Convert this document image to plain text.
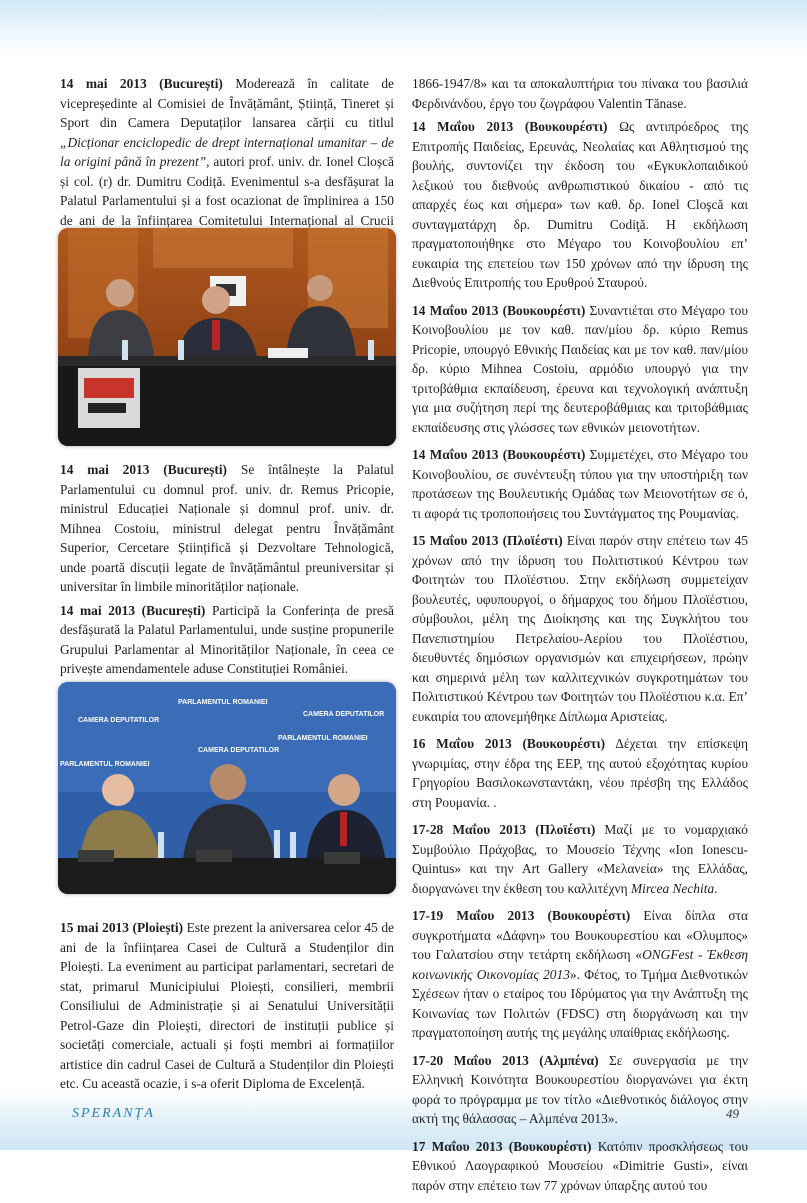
14 mai 2013 (București) Moderează în calitate de vicepreședinte al Comisiei de Învățământ, Știință, Tineret și Sport din Camera Deputaților lansarea cărții cu titlul „Dicționar enciclopedic de drept internațional umanitar – de la origini până în prezent”, autori prof. univ. dr. Ionel Cloșcă și col. (r) dr. Dumitru Codiță. Evenimentul s-a desfășurat la Palatul Parlamentului și a fost ocazionat de împlinirea a 150 de ani de la înființarea Comitetului Internațional al Crucii

14 mai 2013 (București) Se întâlnește la Palatul Parlamentului cu domnul prof. univ. dr. Remus Pricopie, ministrul Educației Naționale și domnul prof. univ. dr. Mihnea Costoiu, ministrul delegat pentru Învățământ Superior, Cercetare Științifică și Dezvoltare Tehnologică, unde poartă discuții legate de învățământul preuniversitar și universitar în limbile minorităților naționale.

14 mai 2013 (București) Participă la Conferința de presă desfășurată la Palatul Parlamentului, unde susține propunerile Grupului Parlamentar al Minorităților Naționale, în ceea ce privește amendamentele aduse Constituției României.

CAMERA DEPUTATILOR
PARLAMENTUL ROMANIEI
CAMERA DEPUTATILOR
PARLAMENTUL ROMANIEI
PARLAMENTUL ROMANIEI
CAMERA DEPUTATILOR

15 mai 2013 (Ploiești) Este prezent la aniversarea celor 45 de ani de la înființarea Casei de Cultură a Studenților din Ploiești. La eveniment au participat parlamentari, secretari de stat, primarul Municipiului Ploiești, consilieri, membrii Consiliului de Administrație și ai Senatului Universității Petrol-Gaze din Ploiești, directori de instituții publice și societăți comerciale, actuali și foști membri ai formațiilor artistice din cadrul Casei de Cultură a Studenților din Ploiești etc. Cu această ocazie, i s-a oferit Diploma de Excelență.

1866-1947/8» και τα αποκαλυπτήρια του πίνακα του βασιλιά Φερδινάνδου, έργο του ζωγράφου Valentin Tănase.

14 Μαΐου 2013 (Βουκουρέστι) Ως αντιπρόεδρος της Επιτροπής Παιδείας, Ερευνάς, Νεολαίας και Αθλητισμού της βουλής, συντονίζει την έκδοση του «Εγκυκλοπαιδικού λεξικού του διεθνούς ανθρωπιστικού δικαίου - από τις απαρχές έως και σήμερα» των καθ. δρ. Ionel Cloşcă και συνταγματάρχη δρ. Dumitru Codiţă. Η εκδήλωση πραγματοποιήθηκε στο Μέγαρο του Κοινοβουλίου επ’ ευκαιρία της επετείου των 150 χρόνων από την ίδρυση της Διεθνούς Επιτροπής του Ερυθρού Σταυρού.

14 Μαΐου 2013 (Βουκουρέστι) Συναντιέται στο Μέγαρο του Κοινοβουλίου με τον καθ. παν/μίου δρ. κύριο Remus Pricopie, υπουργό Εθνικής Παιδείας και με τον καθ. παν/μίου δρ. κύριο Mihnea Costoiu, αρμόδιο υπουργό για την τριτοβάθμια εκπαίδευση, έρευνα και τεχνολογική ανάπτυξη για μια συζήτηση περί της δευτεροβάθμιας και τριτοβάθμιας εκπαίδευσης στις γλώσσες των εθνικών μειονοτήτων.

14 Μαΐου 2013 (Βουκουρέστι) Συμμετέχει, στο Μέγαρο του Κοινοβουλίου, σε συνέντευξη τύπου για την υποστήριξη των προτάσεων της Βουλευτικής Ομάδας των Μειονοτήτων σε ό, τι αφορά τις τροποποιήσεις του Συντάγματος της Ρουμανίας.

15 Μαΐου 2013 (Πλοϊέστι) Είναι παρόν στην επέτειο των 45 χρόνων από την ίδρυση του Πολιτιστικού Κέντρου των Φοιτητών του Πλοϊέστιου. Στην εκδήλωση συμμετείχαν βουλευτές, υφυπουργοί, ο δήμαρχος του δήμου Πλοϊέστιου, σύμβουλοι, μέλη της Διοίκησης και της Συγκλήτου του Πανεπιστημίου Πετρελαίου-Αερίου του Πλοϊέστιου, διευθυντές δημόσιων οργανισμών και επιχειρήσεων, πρώην και σημερινά μέλη των καλλιτεχνικών συγκροτημάτων του Πολιτιστικού Κέντρου των Φοιτητών του Πλοϊέστιου κ.α. Επ’ ευκαιρία του απονεμήθηκε Δίπλωμα Αριστείας.

16 Μαΐου 2013 (Βουκουρέστι) Δέχεται την επίσκεψη γνωριμίας, στην έδρα της ΕΕΡ, της αυτού εξοχότητας κυρίου Γρηγορίου Βασιλοκωνσταντάκη, νέου πρέσβη της Ελλάδος στη Ρουμανία. .

17-28 Μαΐου 2013 (Πλοϊέστι) Μαζί με το νομαρχιακό Συμβούλιο Πράχοβας, το Μουσείο Τέχνης «Ion Ionescu-Quintus» και την Art Gallery «Μελανεία» της Ελλάδας, διοργανώνει την έκθεση του καλλιτέχνη Mircea Nechita.

17-19 Μαΐου 2013 (Βουκουρέστι) Είναι δίπλα στα συγκροτήματα «Δάφνη» του Βουκουρεστίου και «Ολυμπος» του Γαλατσίου στην τετάρτη εκδήλωση «ONGFest - Έκθεση κοινωνικής Οικονομίας 2013». Φέτος, το Τμήμα Διεθνοτικών Σχέσεων ήταν ο εταίρος του Ιδρύματος για την Ανάπτυξη της Κοινωνίας των Πολιτών (FDSC) στη διοργάνωση και την πραγματοποίηση αυτής της μεγάλης υπαίθριας εκδήλωσης.

17-20 Μαΐου 2013 (Αλμπένα) Σε συνεργασία με την Ελληνική Κοινότητα Βουκουρεστίου διοργανώνει για έκτη φορά το πρόγραμμα με τον τίτλο «Διεθνοτικός διάλογος στην ακτή της θάλασσας – Αλμπένα 2013».

17 Μαΐου 2013 (Βουκουρέστι) Κατόπιν προσκλήσεως του Εθνικού Λαογραφικού Μουσείου «Dimitrie Gusti», είναι παρόν στην επέτειο των 77 χρόνων ύπαρξης αυτού του

SPERANȚA	49
